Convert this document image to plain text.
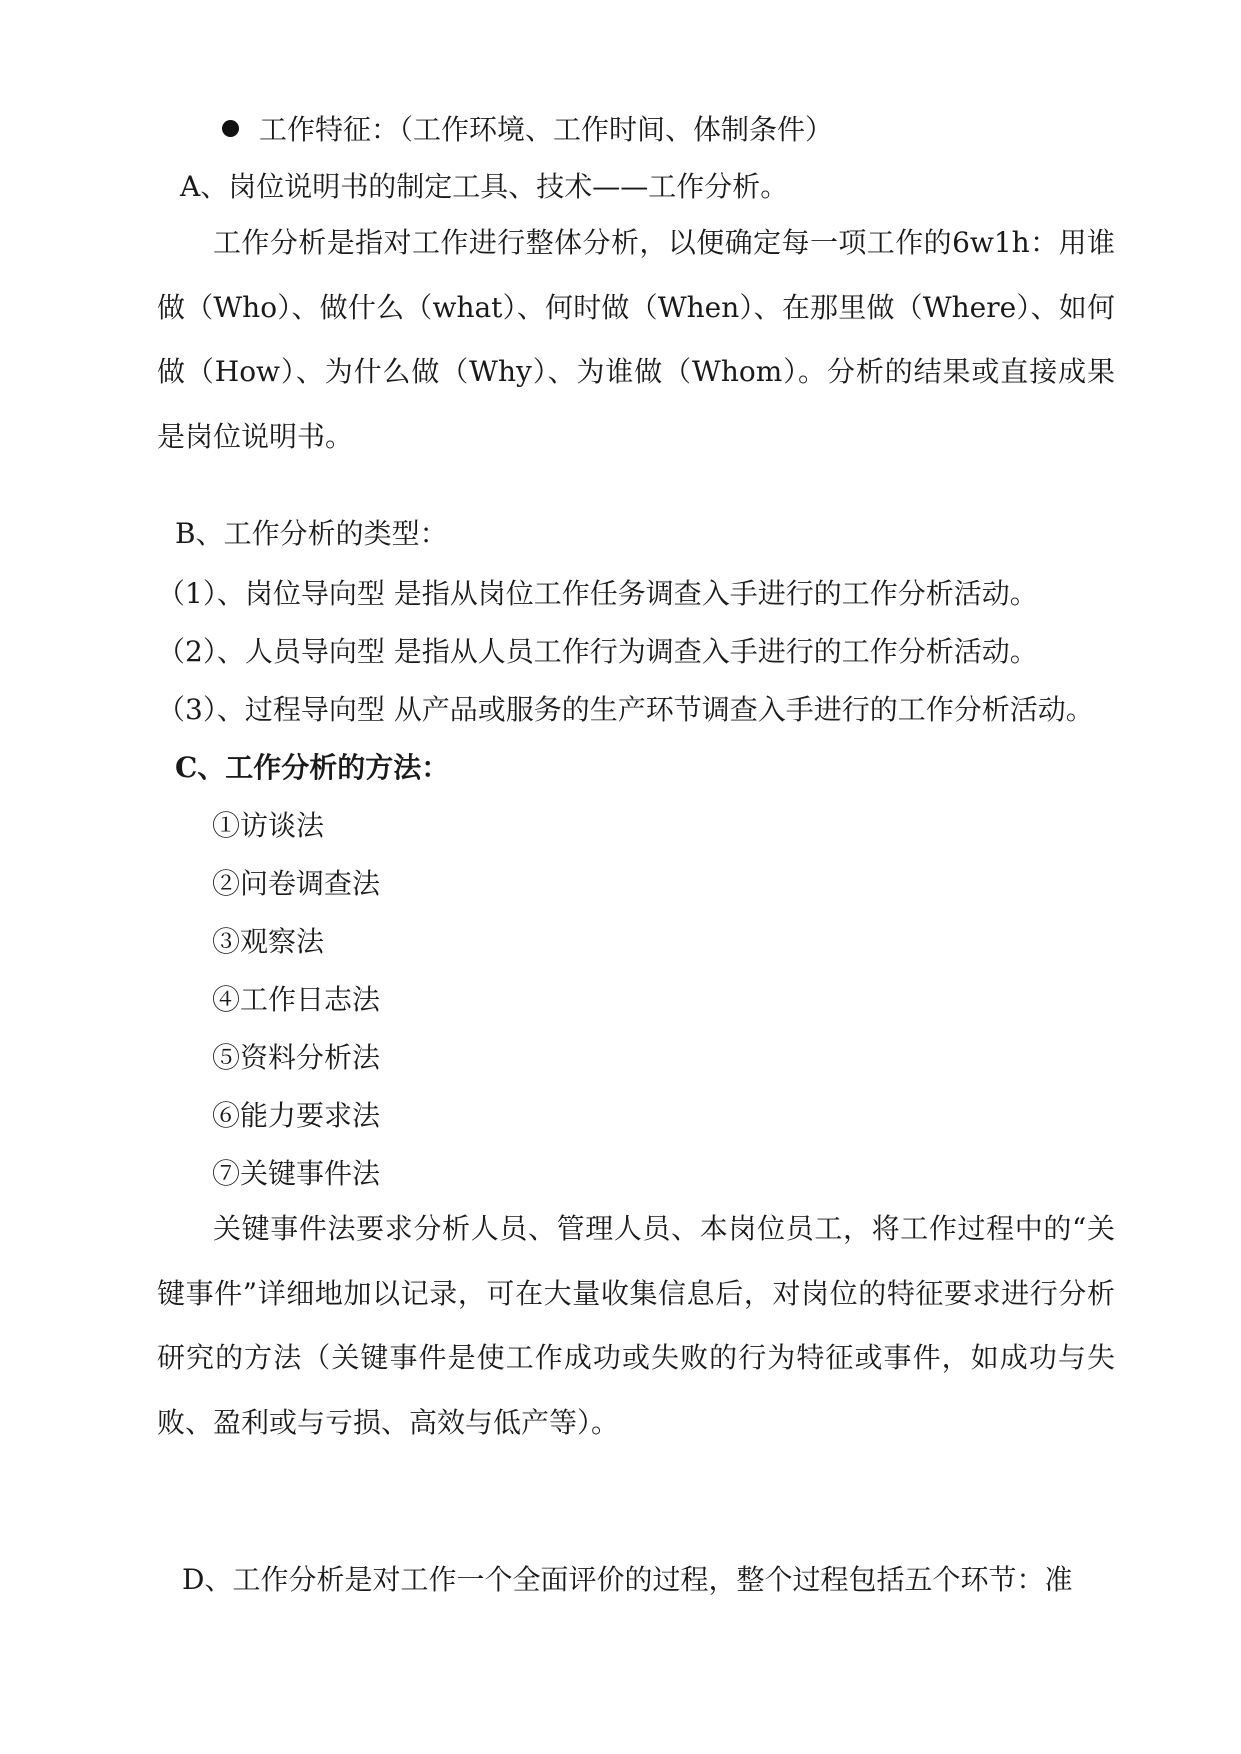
工作特征：（工作环境、工作时间、体制条件）
A、岗位说明书的制定工具、技术——工作分析。
工作分析是指对工作进行整体分析，以便确定每一项工作的6w1h：用谁做（Who）、做什么（what）、何时做（When）、在那里做（Where）、如何做（How）、为什么做（Why）、为谁做（Whom）。分析的结果或直接成果是岗位说明书。
B、工作分析的类型：
（1）、岗位导向型 是指从岗位工作任务调查入手进行的工作分析活动。
（2）、人员导向型 是指从人员工作行为调查入手进行的工作分析活动。
（3）、过程导向型 从产品或服务的生产环节调查入手进行的工作分析活动。
C、工作分析的方法：
①访谈法
②问卷调查法
③观察法
④工作日志法
⑤资料分析法
⑥能力要求法
⑦关键事件法
关键事件法要求分析人员、管理人员、本岗位员工，将工作过程中的“关键事件”详细地加以记录，可在大量收集信息后，对岗位的特征要求进行分析研究的方法（关键事件是使工作成功或失败的行为特征或事件，如成功与失败、盈利或与亏损、高效与低产等）。
D、工作分析是对工作一个全面评价的过程，整个过程包括五个环节：准
